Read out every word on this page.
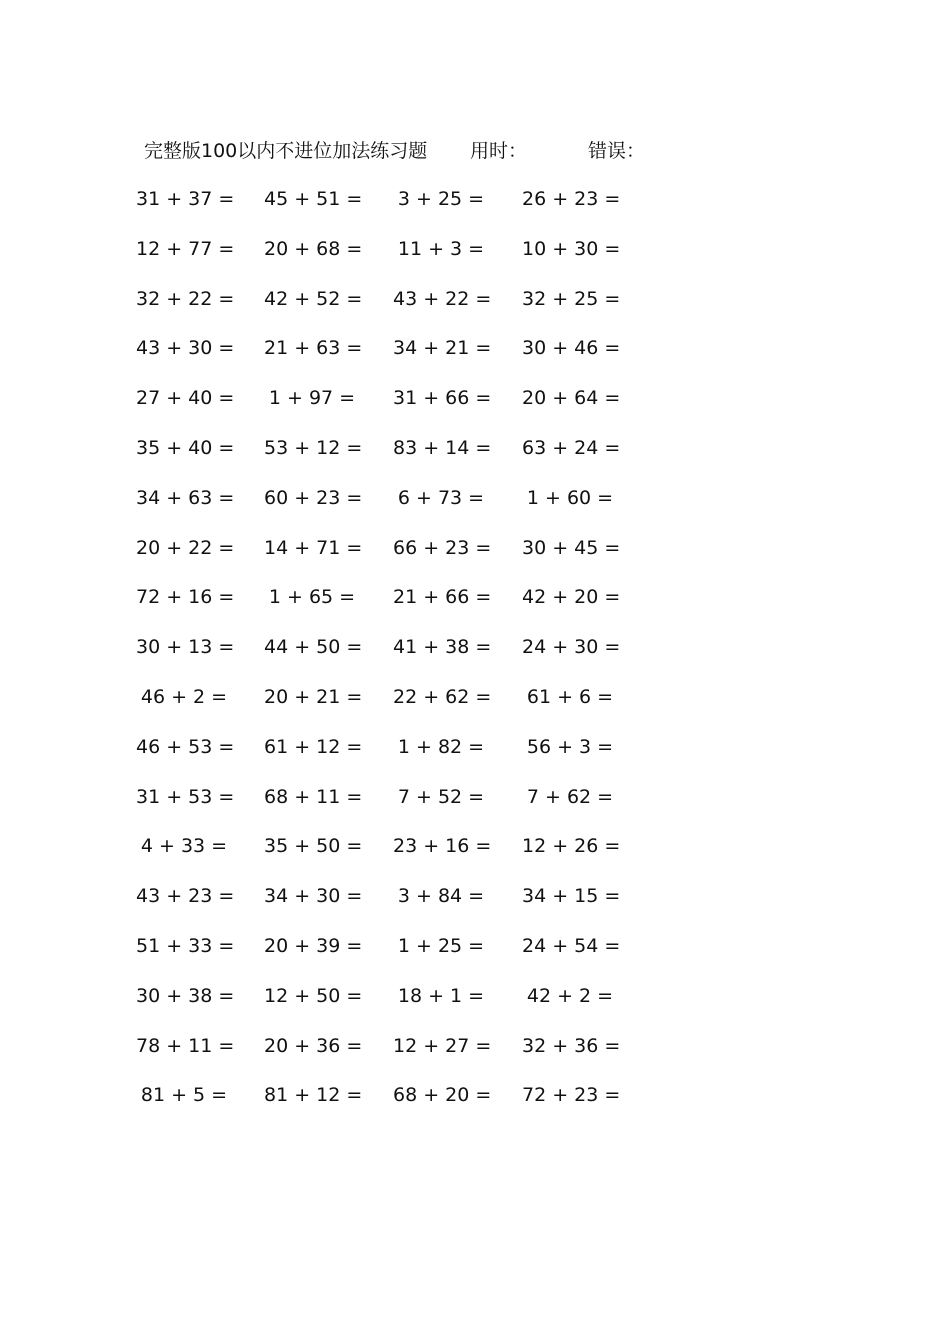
完整版100以内不进位加法练习题 用时：	错误：
31 + 37 = 45 + 51 = 3 + 25 = 26 + 23 =
12 + 77 = 20 + 68 = 11 + 3 = 10 + 30 =
32 + 22 = 42 + 52 = 43 + 22 = 32 + 25 =
43 + 30 = 21 + 63 = 34 + 21 = 30 + 46 =
27 + 40 = 1 + 97 = 31 + 66 = 20 + 64 =
35 + 40 = 53 + 12 = 83 + 14 = 63 + 24 =
34 + 63 = 60 + 23 = 6 + 73 = 1 + 60 =
20 + 22 = 14 + 71 = 66 + 23 = 30 + 45 =
72 + 16 = 1 + 65 = 21 + 66 = 42 + 20 =
30 + 13 = 44 + 50 = 41 + 38 = 24 + 30 =
46 + 2 = 20 + 21 = 22 + 62 = 61 + 6 =
46 + 53 = 61 + 12 = 1 + 82 = 56 + 3 =
31 + 53 = 68 + 11 = 7 + 52 = 7 + 62 =
4 + 33 = 35 + 50 = 23 + 16 = 12 + 26 =
43 + 23 = 34 + 30 = 3 + 84 = 34 + 15 =
51 + 33 = 20 + 39 = 1 + 25 = 24 + 54 =
30 + 38 = 12 + 50 = 18 + 1 = 42 + 2 =
78 + 11 = 20 + 36 = 12 + 27 = 32 + 36 =
81 + 5 = 81 + 12 = 68 + 20 = 72 + 23 =
